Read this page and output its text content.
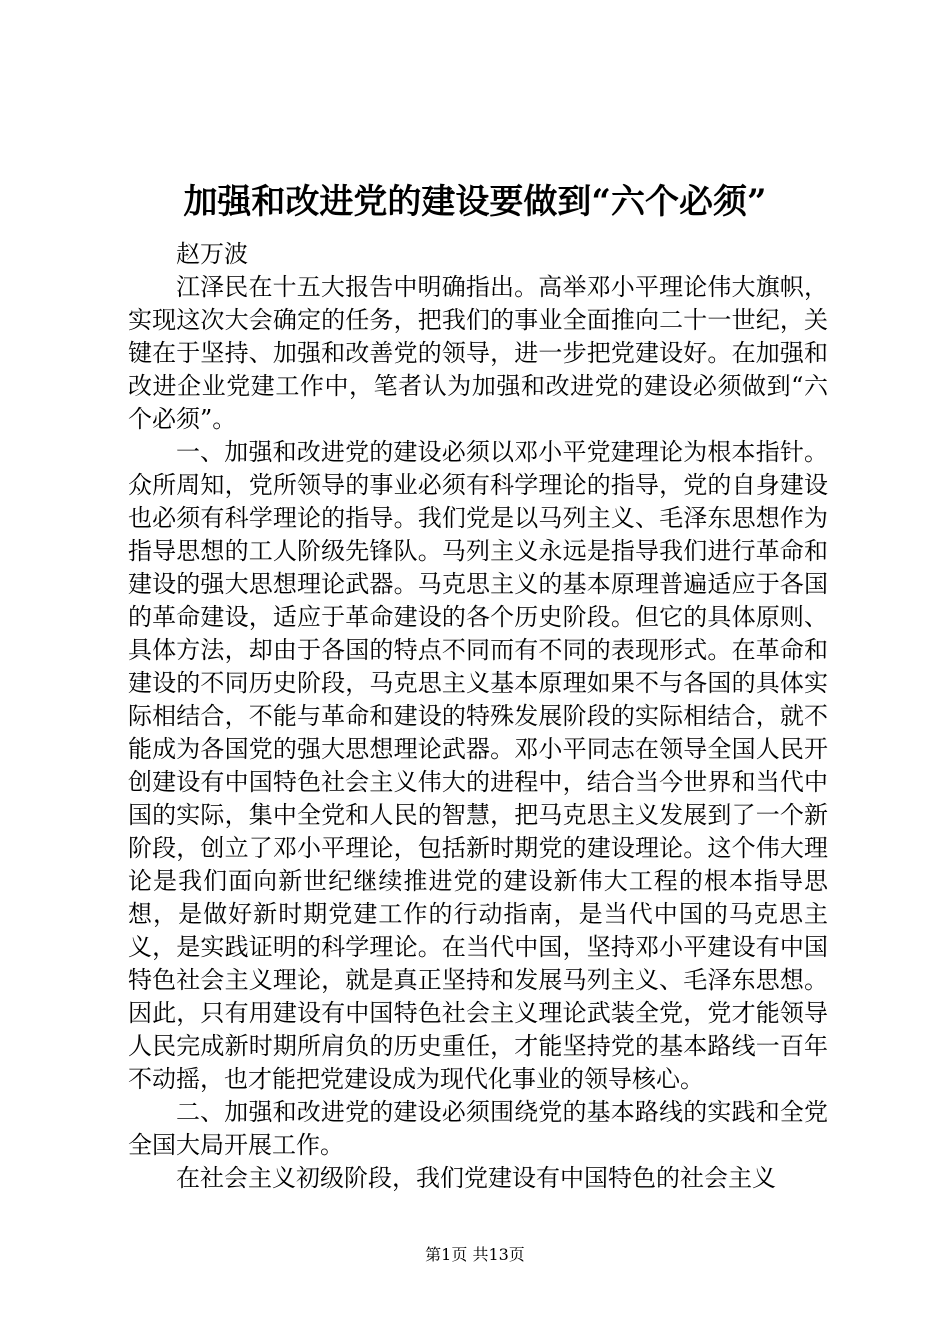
加强和改进党的建设要做到“六个必须”

赵万波

江泽民在十五大报告中明确指出。高举邓小平理论伟大旗帜，实现这次大会确定的任务，把我们的事业全面推向二十一世纪，关键在于坚持、加强和改善党的领导，进一步把党建设好。在加强和改进企业党建工作中，笔者认为加强和改进党的建设必须做到“六个必须”。

一、加强和改进党的建设必须以邓小平党建理论为根本指针。众所周知，党所领导的事业必须有科学理论的指导，党的自身建设也必须有科学理论的指导。我们党是以马列主义、毛泽东思想作为指导思想的工人阶级先锋队。马列主义永远是指导我们进行革命和建设的强大思想理论武器。马克思主义的基本原理普遍适应于各国的革命建设，适应于革命建设的各个历史阶段。但它的具体原则、具体方法，却由于各国的特点不同而有不同的表现形式。在革命和建设的不同历史阶段，马克思主义基本原理如果不与各国的具体实际相结合，不能与革命和建设的特殊发展阶段的实际相结合，就不能成为各国党的强大思想理论武器。邓小平同志在领导全国人民开创建设有中国特色社会主义伟大的进程中，结合当今世界和当代中国的实际，集中全党和人民的智慧，把马克思主义发展到了一个新阶段，创立了邓小平理论，包括新时期党的建设理论。这个伟大理论是我们面向新世纪继续推进党的建设新伟大工程的根本指导思想，是做好新时期党建工作的行动指南，是当代中国的马克思主义，是实践证明的科学理论。在当代中国，坚持邓小平建设有中国特色社会主义理论，就是真正坚持和发展马列主义、毛泽东思想。因此，只有用建设有中国特色社会主义理论武装全党，党才能领导人民完成新时期所肩负的历史重任，才能坚持党的基本路线一百年不动摇，也才能把党建设成为现代化事业的领导核心。

二、加强和改进党的建设必须围绕党的基本路线的实践和全党全国大局开展工作。

在社会主义初级阶段，我们党建设有中国特色的社会主义

第1页 共13页
